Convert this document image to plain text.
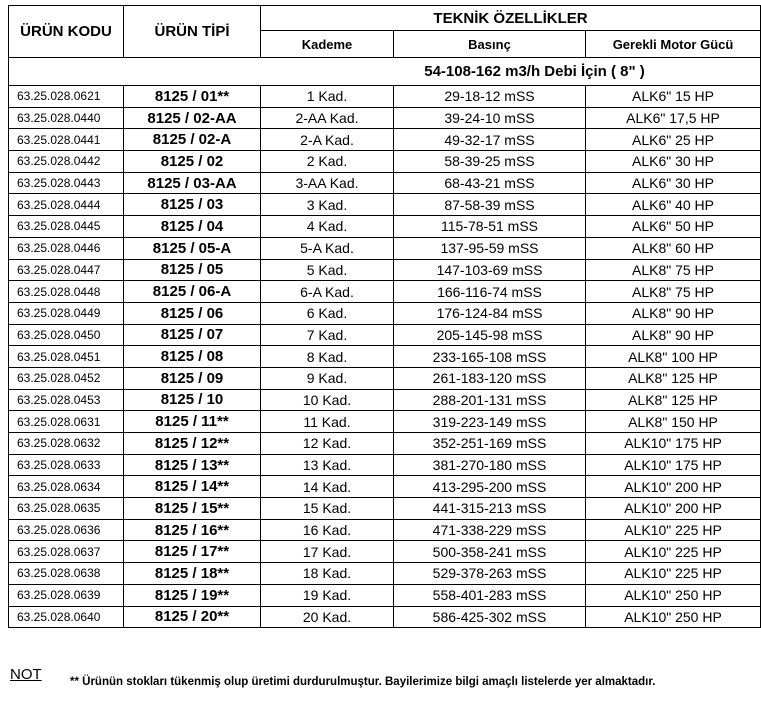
ÜRÜN KODU	ÜRÜN TİPİ	TEKNİK ÖZELLİKLER		
		Kademe	Basınç	Gerekli Motor Gücü
54-108-162 m3/h Debi İçin ( 8" )				
63.25.028.0621	8125 / 01**	1 Kad.	29-18-12 mSS	ALK6" 15 HP
63.25.028.0440	8125 / 02-AA	2-AA Kad.	39-24-10 mSS	ALK6" 17,5 HP
63.25.028.0441	8125 / 02-A	2-A Kad.	49-32-17 mSS	ALK6" 25 HP
63.25.028.0442	8125 / 02	2 Kad.	58-39-25 mSS	ALK6" 30 HP
63.25.028.0443	8125 / 03-AA	3-AA Kad.	68-43-21 mSS	ALK6" 30 HP
63.25.028.0444	8125 / 03	3 Kad.	87-58-39 mSS	ALK6" 40 HP
63.25.028.0445	8125 / 04	4 Kad.	115-78-51 mSS	ALK6" 50 HP
63.25.028.0446	8125 / 05-A	5-A Kad.	137-95-59 mSS	ALK8" 60 HP
63.25.028.0447	8125 / 05	5 Kad.	147-103-69 mSS	ALK8" 75 HP
63.25.028.0448	8125 / 06-A	6-A Kad.	166-116-74 mSS	ALK8" 75 HP
63.25.028.0449	8125 / 06	6 Kad.	176-124-84 mSS	ALK8" 90 HP
63.25.028.0450	8125 / 07	7 Kad.	205-145-98 mSS	ALK8" 90 HP
63.25.028.0451	8125 / 08	8 Kad.	233-165-108 mSS	ALK8" 100 HP
63.25.028.0452	8125 / 09	9 Kad.	261-183-120 mSS	ALK8" 125 HP
63.25.028.0453	8125 / 10	10 Kad.	288-201-131 mSS	ALK8" 125 HP
63.25.028.0631	8125 / 11**	11 Kad.	319-223-149 mSS	ALK8" 150 HP
63.25.028.0632	8125 / 12**	12 Kad.	352-251-169 mSS	ALK10" 175 HP
63.25.028.0633	8125 / 13**	13 Kad.	381-270-180 mSS	ALK10" 175 HP
63.25.028.0634	8125 / 14**	14 Kad.	413-295-200 mSS	ALK10" 200 HP
63.25.028.0635	8125 / 15**	15 Kad.	441-315-213 mSS	ALK10" 200 HP
63.25.028.0636	8125 / 16**	16 Kad.	471-338-229 mSS	ALK10" 225 HP
63.25.028.0637	8125 / 17**	17 Kad.	500-358-241 mSS	ALK10" 225 HP
63.25.028.0638	8125 / 18**	18 Kad.	529-378-263 mSS	ALK10" 225 HP
63.25.028.0639	8125 / 19**	19 Kad.	558-401-283 mSS	ALK10" 250 HP
63.25.028.0640	8125 / 20**	20 Kad.	586-425-302 mSS	ALK10" 250 HP
NOT ** Ürünün stokları tükenmiş olup üretimi durdurulmuştur. Bayilerimize bilgi amaçlı listelerde yer almaktadır.
